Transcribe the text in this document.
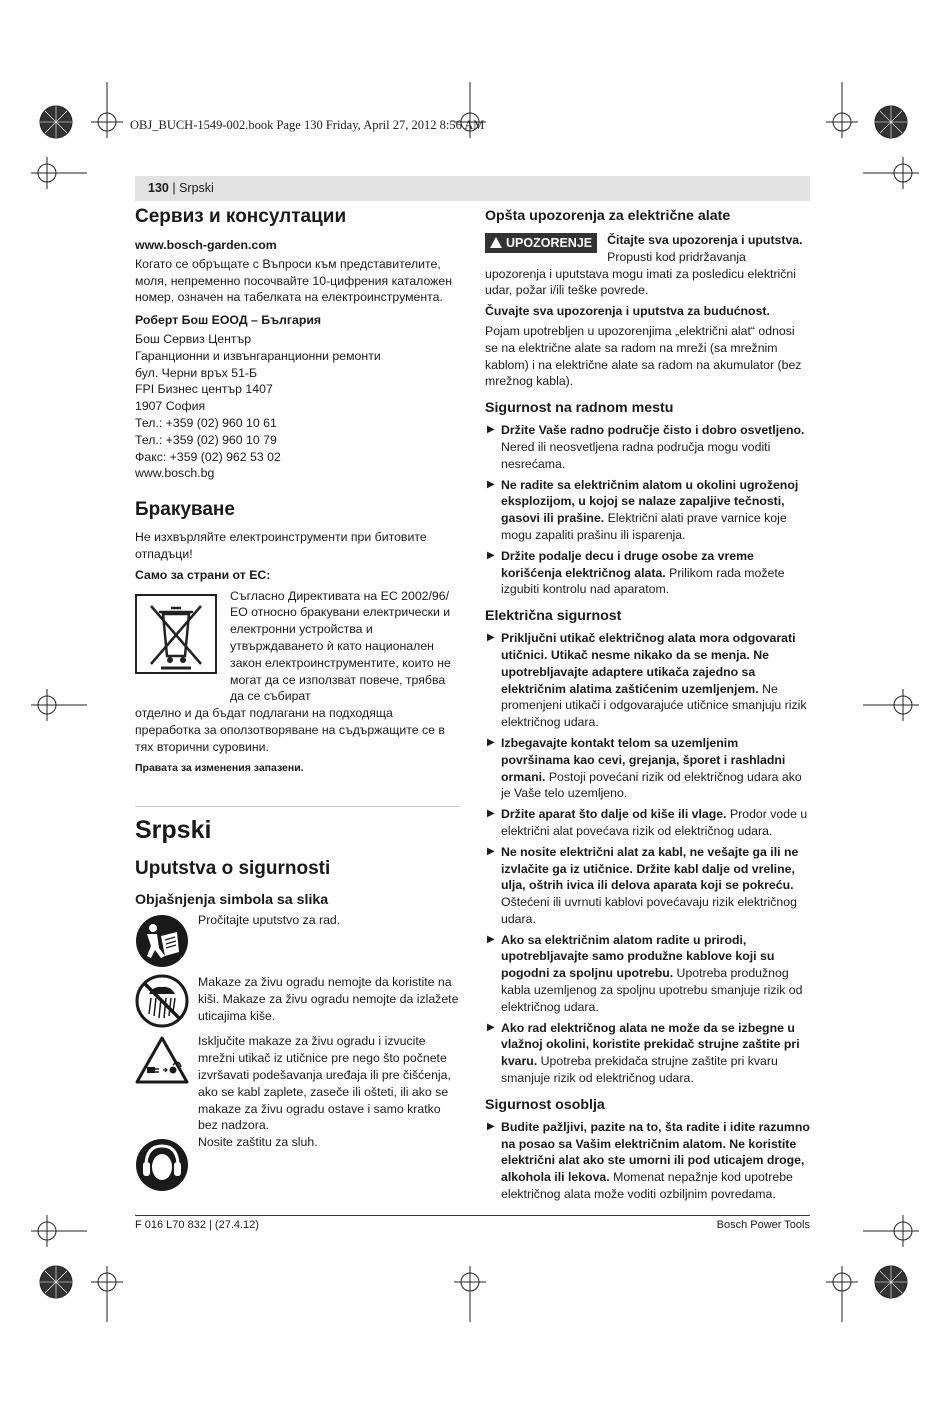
OBJ_BUCH-1549-002.book Page 130 Friday, April 27, 2012 8:56 AM
130 | Srpski
Сервиз и консултации

www.bosch-garden.com

Когато се обръщате с Въпроси към представителите, моля, непременно посочвайте 10-цифрения каталожен номер, означен на табелката на електроинструмента.

Роберт Бош ЕООД – България

Бош Сервиз Център

Гаранционни и извънгаранционни ремонти

бул. Черни връх 51-Б

FPI Бизнес център 1407

1907 София

Тел.: +359 (02) 960 10 61

Тел.: +359 (02) 960 10 79

Факс: +359 (02) 962 53 02

www.bosch.bg

Бракуване

Не изхвърляйте електроинструменти при битовите отпадъци!

Само за страни от ЕС:

Съгласно Директивата на ЕС 2002/96/ЕО относно бракувани електрически и електронни устройства и утвърждаването ѝ като национален закон електроинструментите, които не могат да се използват повече, трябва да се събират

отделно и да бъдат подлагани на подходяща преработка за оползотворяване на съдържащите се в тях вторични суровини.

Правата за изменения запазени.

Srpski
Uputstva o sigurnosti
Objašnjenja simbola sa slika

Pročitajte uputstvo za rad.

Makaze za živu ogradu nemojte da koristite na kiši. Makaze za živu ogradu nemojte da izlažete uticajima kiše.

Isključite makaze za živu ogradu i izvucite mrežni utikač iz utičnice pre nego što počnete izvršavati podešavanja uređaja ili pre čišćenja, ako se kabl zaplete, zaseče ili ošteti, ili ako se makaze za živu ogradu ostave i samo kratko bez nadzora.

Nosite zaštitu za sluh.

Opšta upozorenja za električne alate
UPOZORENJE	Čitajte sva upozorenja i uputstva. Propusti kod pridržavanja upozorenja i uputstava mogu imati za posledicu električni udar, požar i/ili teške povrede.

Čuvajte sva upozorenja i uputstva za budućnost.

Pojam upotrebljen u upozorenjima „električni alat“ odnosi se na električne alate sa radom na mreži (sa mrežnim kablom) i na električne alate sa radom na akumulator (bez mrežnog kabla).

Sigurnost na radnom mestu

▶ Držite Vaše radno područje čisto i dobro osvetljeno. Nered ili neosvetljena radna područja mogu voditi nesrećama.

▶ Ne radite sa električnim alatom u okolini ugroženoj eksplozijom, u kojoj se nalaze zapaljive tečnosti, gasovi ili prašine. Električni alati prave varnice koje mogu zapaliti prašinu ili isparenja.

▶ Držite podalje decu i druge osobe za vreme korišćenja električnog alata. Prilikom rada možete izgubiti kontrolu nad aparatom.

Električna sigurnost

▶ Priključni utikač električnog alata mora odgovarati utičnici. Utikač nesme nikako da se menja. Ne upotrebljavajte adaptere utikača zajedno sa električnim alatima zaštićenim uzemljenjem. Ne promenjeni utikači i odgovarajuće utičnice smanjuju rizik električnog udara.

▶ Izbegavajte kontakt telom sa uzemljenim površinama kao cevi, grejanja, šporet i rashladni ormani. Postoji povećani rizik od električnog udara ako je Vaše telo uzemljeno.

▶ Držite aparat što dalje od kiše ili vlage. Prodor vode u električni alat povećava rizik od električnog udara.

▶ Ne nosite električni alat za kabl, ne vešajte ga ili ne izvlačite ga iz utičnice. Držite kabl dalje od vreline, ulja, oštrih ivica ili delova aparata koji se pokreću. Oštećeni ili uvrnuti kablovi povećavaju rizik električnog udara.

▶ Ako sa električnim alatom radite u prirodi, upotrebljavajte samo produžne kablove koji su pogodni za spoljnu upotrebu. Upotreba produžnog kabla uzemljenog za spoljnu upotrebu smanjuje rizik od električnog udara.

▶ Ako rad električnog alata ne može da se izbegne u vlažnoj okolini, koristite prekidač strujne zaštite pri kvaru. Upotreba prekidača strujne zaštite pri kvaru smanjuje rizik od električnog udara.

Sigurnost osoblja

▶ Budite pažljivi, pazite na to, šta radite i idite razumno na posao sa Vašim električnim alatom. Ne koristite električni alat ako ste umorni ili pod uticajem droge, alkohola ili lekova. Momenat nepažnje kod upotrebe električnog alata može voditi ozbiljnim povredama.

F 016 L70 832 | (27.4.12)	Bosch Power Tools
